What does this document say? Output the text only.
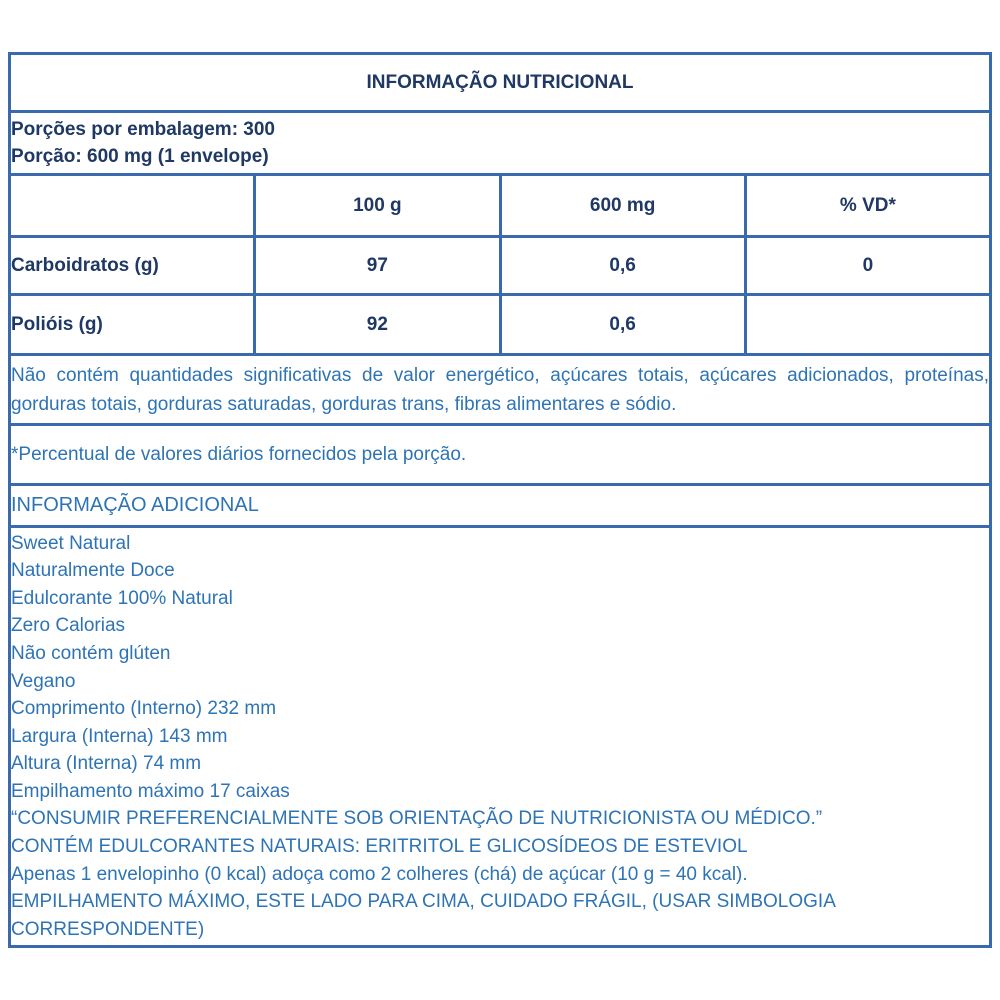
INFORMAÇÃO NUTRICIONAL			

Porções por embalagem: 300
Porção: 600 mg (1 envelope)			

	100 g	600 mg	% VD*
Carboidratos (g)	97	0,6	0
Polióis (g)	92	0,6	
Não contém quantidades significativas de valor energético, açúcares totais, açúcares adicionados, proteínas, gorduras totais, gorduras saturadas, gorduras trans, fibras alimentares e sódio.			
*Percentual de valores diários fornecidos pela porção.			
INFORMAÇÃO ADICIONAL			

Sweet Natural
Naturalmente Doce
Edulcorante 100% Natural
Zero Calorias
Não contém glúten
Vegano
Comprimento (Interno) 232 mm
Largura (Interna) 143 mm
Altura (Interna) 74 mm
Empilhamento máximo 17 caixas
“CONSUMIR PREFERENCIALMENTE SOB ORIENTAÇÃO DE NUTRICIONISTA OU MÉDICO.”
CONTÉM EDULCORANTES NATURAIS: ERITRITOL E GLICOSÍDEOS DE ESTEVIOL
Apenas 1 envelopinho (0 kcal) adoça como 2 colheres (chá) de açúcar (10 g = 40 kcal).
EMPILHAMENTO MÁXIMO, ESTE LADO PARA CIMA, CUIDADO FRÁGIL, (USAR SIMBOLOGIA CORRESPONDENTE)
